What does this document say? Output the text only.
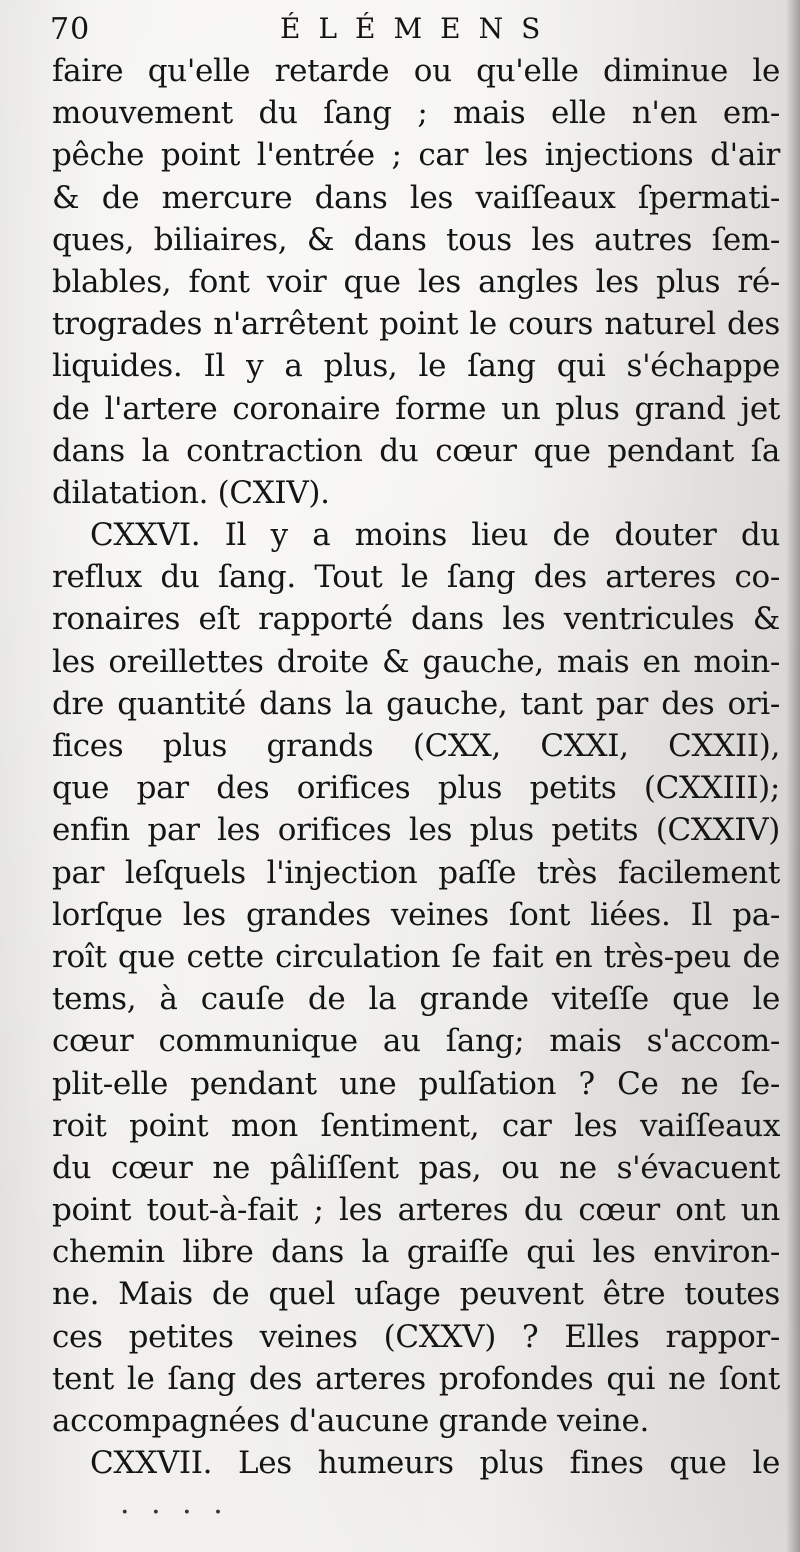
70	ÉLÉMENS
faire qu'elle retarde ou qu'elle diminue le
mouvement du ſang ; mais elle n'en em-
pêche point l'entrée ; car les injections d'air
& de mercure dans les vaiſſeaux ſpermati-
ques, biliaires, & dans tous les autres ſem-
blables, font voir que les angles les plus ré-
trogrades n'arrêtent point le cours naturel des
liquides. Il y a plus, le ſang qui s'échappe
de l'artere coronaire forme un plus grand jet
dans la contraction du cœur que pendant ſa
dilatation. (CXIV).
CXXVI. Il y a moins lieu de douter du
reflux du ſang. Tout le ſang des arteres co-
ronaires eſt rapporté dans les ventricules &
les oreillettes droite & gauche, mais en moin-
dre quantité dans la gauche, tant par des ori-
fices plus grands (CXX, CXXI, CXXII),
que par des orifices plus petits (CXXIII);
enfin par les orifices les plus petits (CXXIV)
par leſquels l'injection paſſe très facilement
lorſque les grandes veines ſont liées. Il pa-
roît que cette circulation ſe fait en très-peu de
tems, à cauſe de la grande viteſſe que le
cœur communique au ſang; mais s'accom-
plit-elle pendant une pulſation ? Ce ne ſe-
roit point mon ſentiment, car les vaiſſeaux
du cœur ne pâliſſent pas, ou ne s'évacuent
point tout-à-fait ; les arteres du cœur ont un
chemin libre dans la graiſſe qui les environ-
ne. Mais de quel uſage peuvent être toutes
ces petites veines (CXXV) ? Elles rappor-
tent le ſang des arteres profondes qui ne ſont
accompagnées d'aucune grande veine.
CXXVII. Les humeurs plus fines que le
· · · ·
